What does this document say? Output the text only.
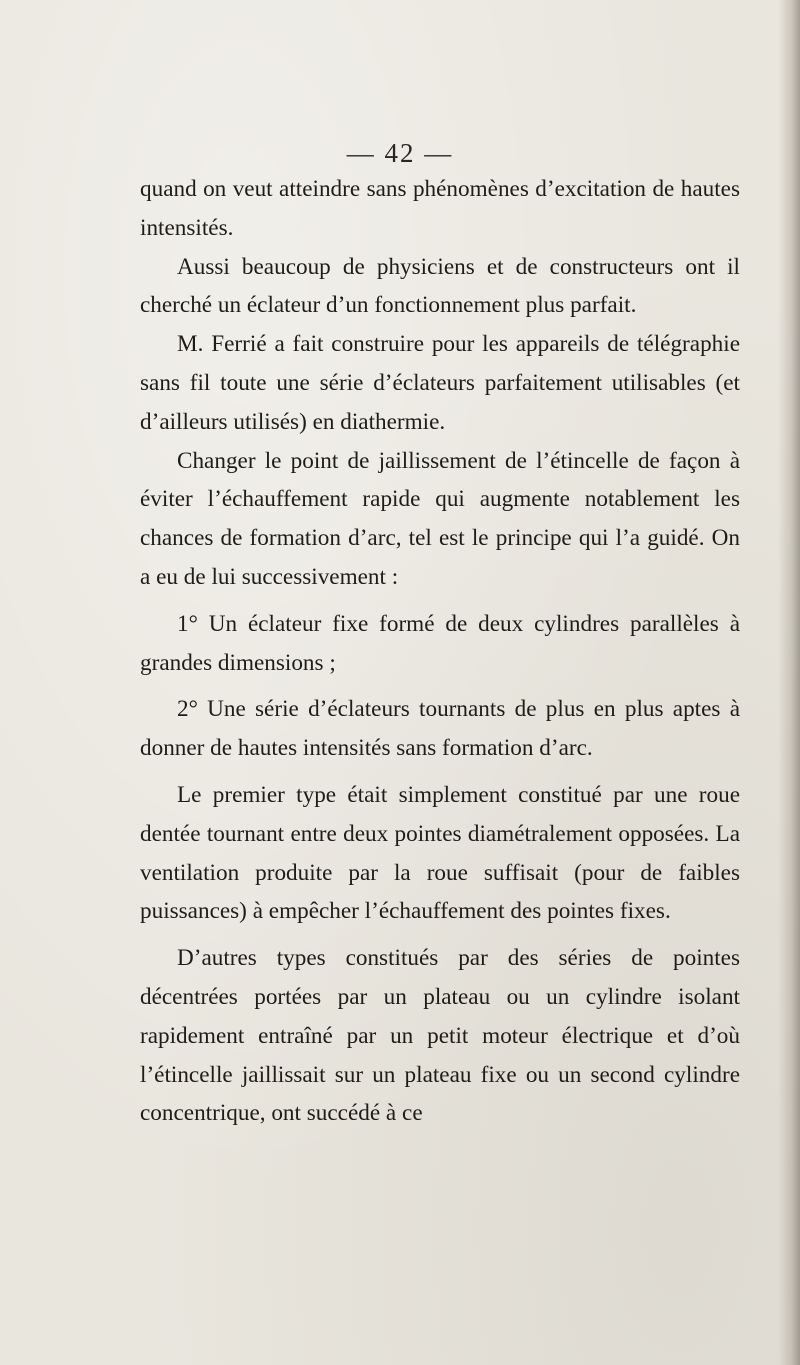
— 42 —

quand on veut atteindre sans phénomènes d’excitation de hautes intensités.

Aussi beaucoup de physiciens et de constructeurs ont il cherché un éclateur d’un fonctionnement plus parfait.

M. Ferrié a fait construire pour les appareils de télégraphie sans fil toute une série d’éclateurs parfaitement utilisables (et d’ailleurs utilisés) en diathermie.

Changer le point de jaillissement de l’étincelle de façon à éviter l’échauffement rapide qui augmente notablement les chances de formation d’arc, tel est le principe qui l’a guidé. On a eu de lui successivement :

1° Un éclateur fixe formé de deux cylindres parallèles à grandes dimensions ;

2° Une série d’éclateurs tournants de plus en plus aptes à donner de hautes intensités sans formation d’arc.

Le premier type était simplement constitué par une roue dentée tournant entre deux pointes diamétralement opposées. La ventilation produite par la roue suffisait (pour de faibles puissances) à empêcher l’échauffement des pointes fixes.

D’autres types constitués par des séries de pointes décentrées portées par un plateau ou un cylindre isolant rapidement entraîné par un petit moteur électrique et d’où l’étincelle jaillissait sur un plateau fixe ou un second cylindre concentrique, ont succédé à ce
